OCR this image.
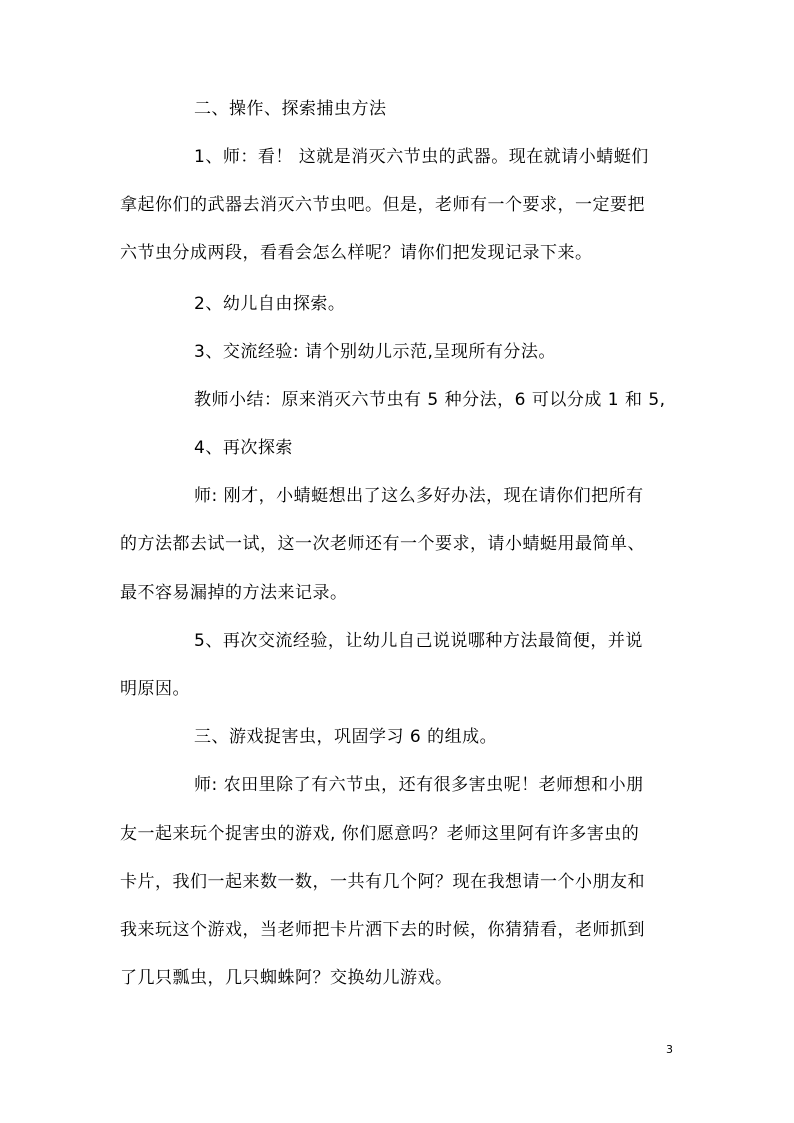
二、操作、探索捕虫方法
1、师：看！ 这就是消灭六节虫的武器。现在就请小蜻蜓们
拿起你们的武器去消灭六节虫吧。但是，老师有一个要求，一定要把
六节虫分成两段，看看会怎么样呢？请你们把发现记录下来。
2、幼儿自由探索。
3、交流经验: 请个别幼儿示范,呈现所有分法。
教师小结：原来消灭六节虫有 5 种分法，6 可以分成 1 和 5,
4、再次探索
师: 刚才，小蜻蜓想出了这么多好办法，现在请你们把所有
的方法都去试一试，这一次老师还有一个要求，请小蜻蜓用最简单、
最不容易漏掉的方法来记录。
5、再次交流经验，让幼儿自己说说哪种方法最简便，并说
明原因。
三、游戏捉害虫，巩固学习 6 的组成。
师: 农田里除了有六节虫，还有很多害虫呢！老师想和小朋
友一起来玩个捉害虫的游戏, 你们愿意吗？老师这里阿有许多害虫的
卡片，我们一起来数一数，一共有几个阿？现在我想请一个小朋友和
我来玩这个游戏，当老师把卡片洒下去的时候，你猜猜看，老师抓到
了几只瓢虫，几只蜘蛛阿？交换幼儿游戏。
3
